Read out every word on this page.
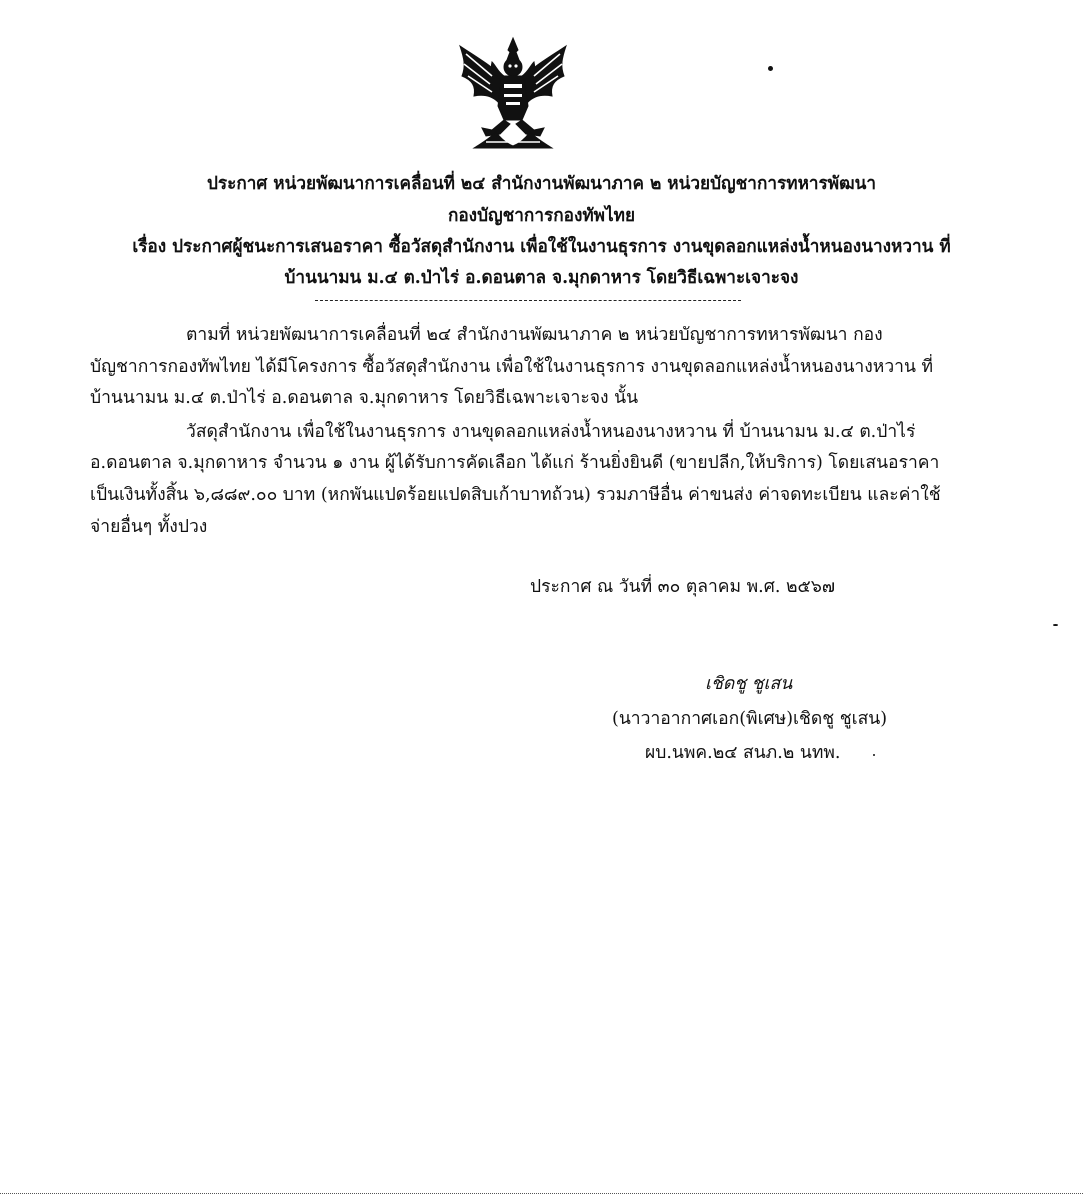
ประกาศ หน่วยพัฒนาการเคลื่อนที่ ๒๔ สำนักงานพัฒนาภาค ๒ หน่วยบัญชาการทหารพัฒนา
กองบัญชาการกองทัพไทย
เรื่อง ประกาศผู้ชนะการเสนอราคา ซื้อวัสดุสำนักงาน เพื่อใช้ในงานธุรการ งานขุดลอกแหล่งน้ำหนองนางหวาน ที่
บ้านนามน ม.๔ ต.ป่าไร่ อ.ดอนตาล จ.มุกดาหาร โดยวิธีเฉพาะเจาะจง
ตามที่ หน่วยพัฒนาการเคลื่อนที่ ๒๔ สำนักงานพัฒนาภาค ๒ หน่วยบัญชาการทหารพัฒนา กอง
บัญชาการกองทัพไทย ได้มีโครงการ ซื้อวัสดุสำนักงาน เพื่อใช้ในงานธุรการ งานขุดลอกแหล่งน้ำหนองนางหวาน ที่
บ้านนามน ม.๔ ต.ป่าไร่ อ.ดอนตาล จ.มุกดาหาร โดยวิธีเฉพาะเจาะจง นั้น
วัสดุสำนักงาน เพื่อใช้ในงานธุรการ งานขุดลอกแหล่งน้ำหนองนางหวาน ที่ บ้านนามน ม.๔ ต.ป่าไร่
อ.ดอนตาล จ.มุกดาหาร จำนวน ๑ งาน ผู้ได้รับการคัดเลือก ได้แก่ ร้านยิ่งยินดี (ขายปลีก,ให้บริการ) โดยเสนอราคา
เป็นเงินทั้งสิ้น ๖,๘๘๙.๐๐ บาท (หกพันแปดร้อยแปดสิบเก้าบาทถ้วน) รวมภาษีอื่น ค่าขนส่ง ค่าจดทะเบียน และค่าใช้
จ่ายอื่นๆ ทั้งปวง
ประกาศ ณ วันที่ ๓๐ ตุลาคม พ.ศ. ๒๕๖๗
เชิดชู ชูเสน
(นาวาอากาศเอก(พิเศษ)เชิดชู ชูเสน)
ผบ.นพค.๒๔ สนภ.๒ นทพ.
